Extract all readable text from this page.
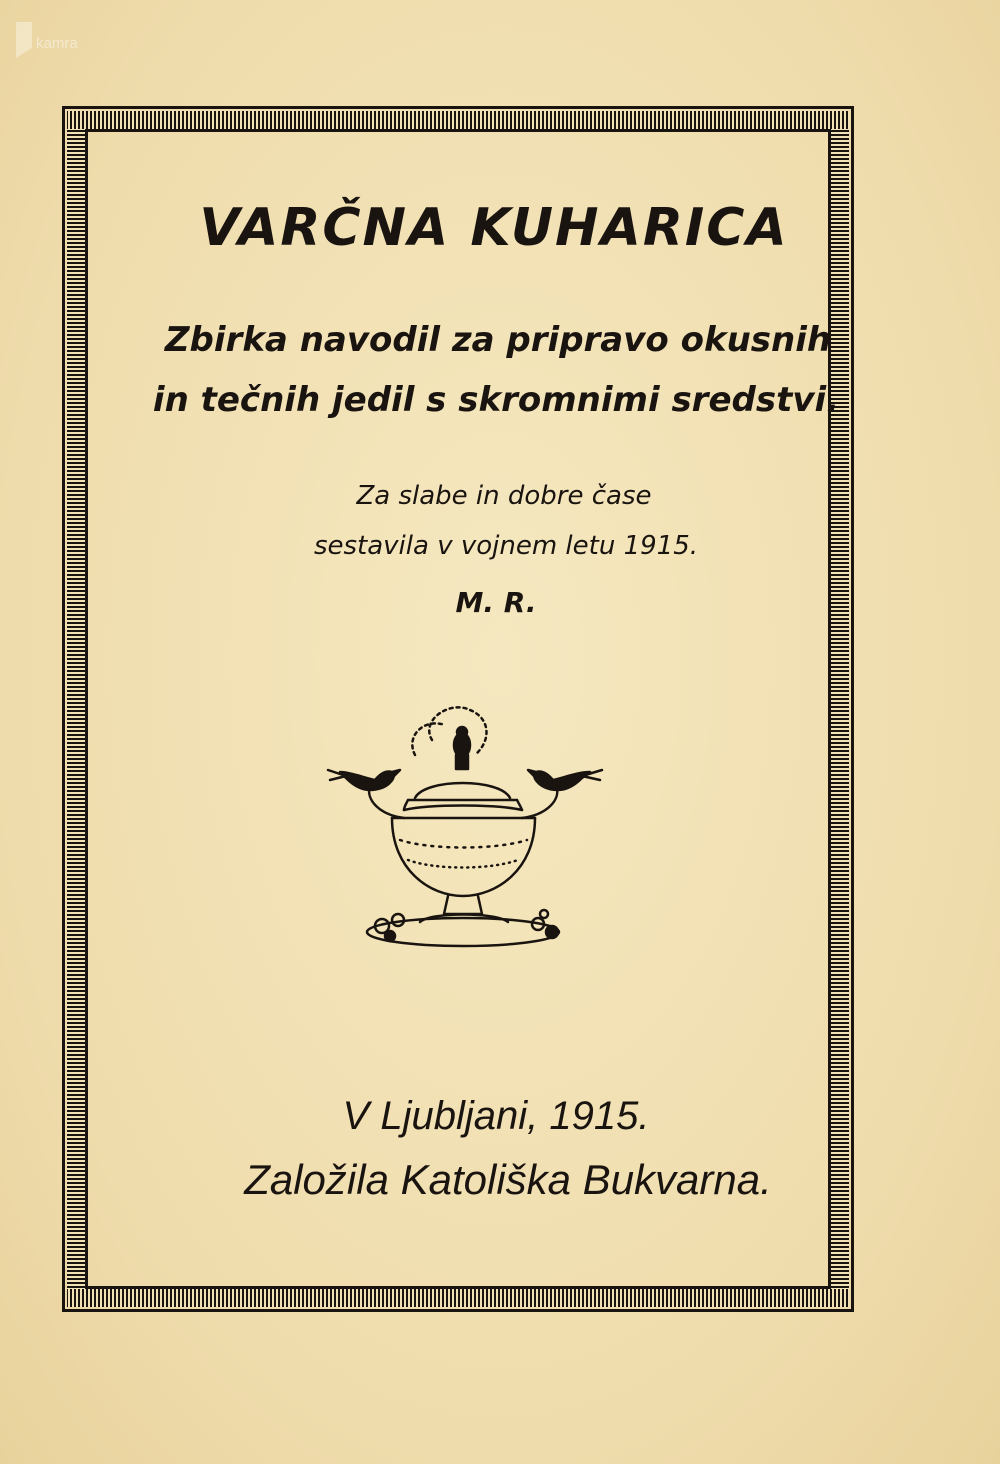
kamra
VARČNA KUHARICA
Zbirka navodil za pripravo okusnih
in tečnih jedil s skromnimi sredstvi.
Za slabe in dobre čase
sestavila v vojnem letu 1915.
M. R.
V Ljubljani, 1915.
Založila Katoliška Bukvarna.
